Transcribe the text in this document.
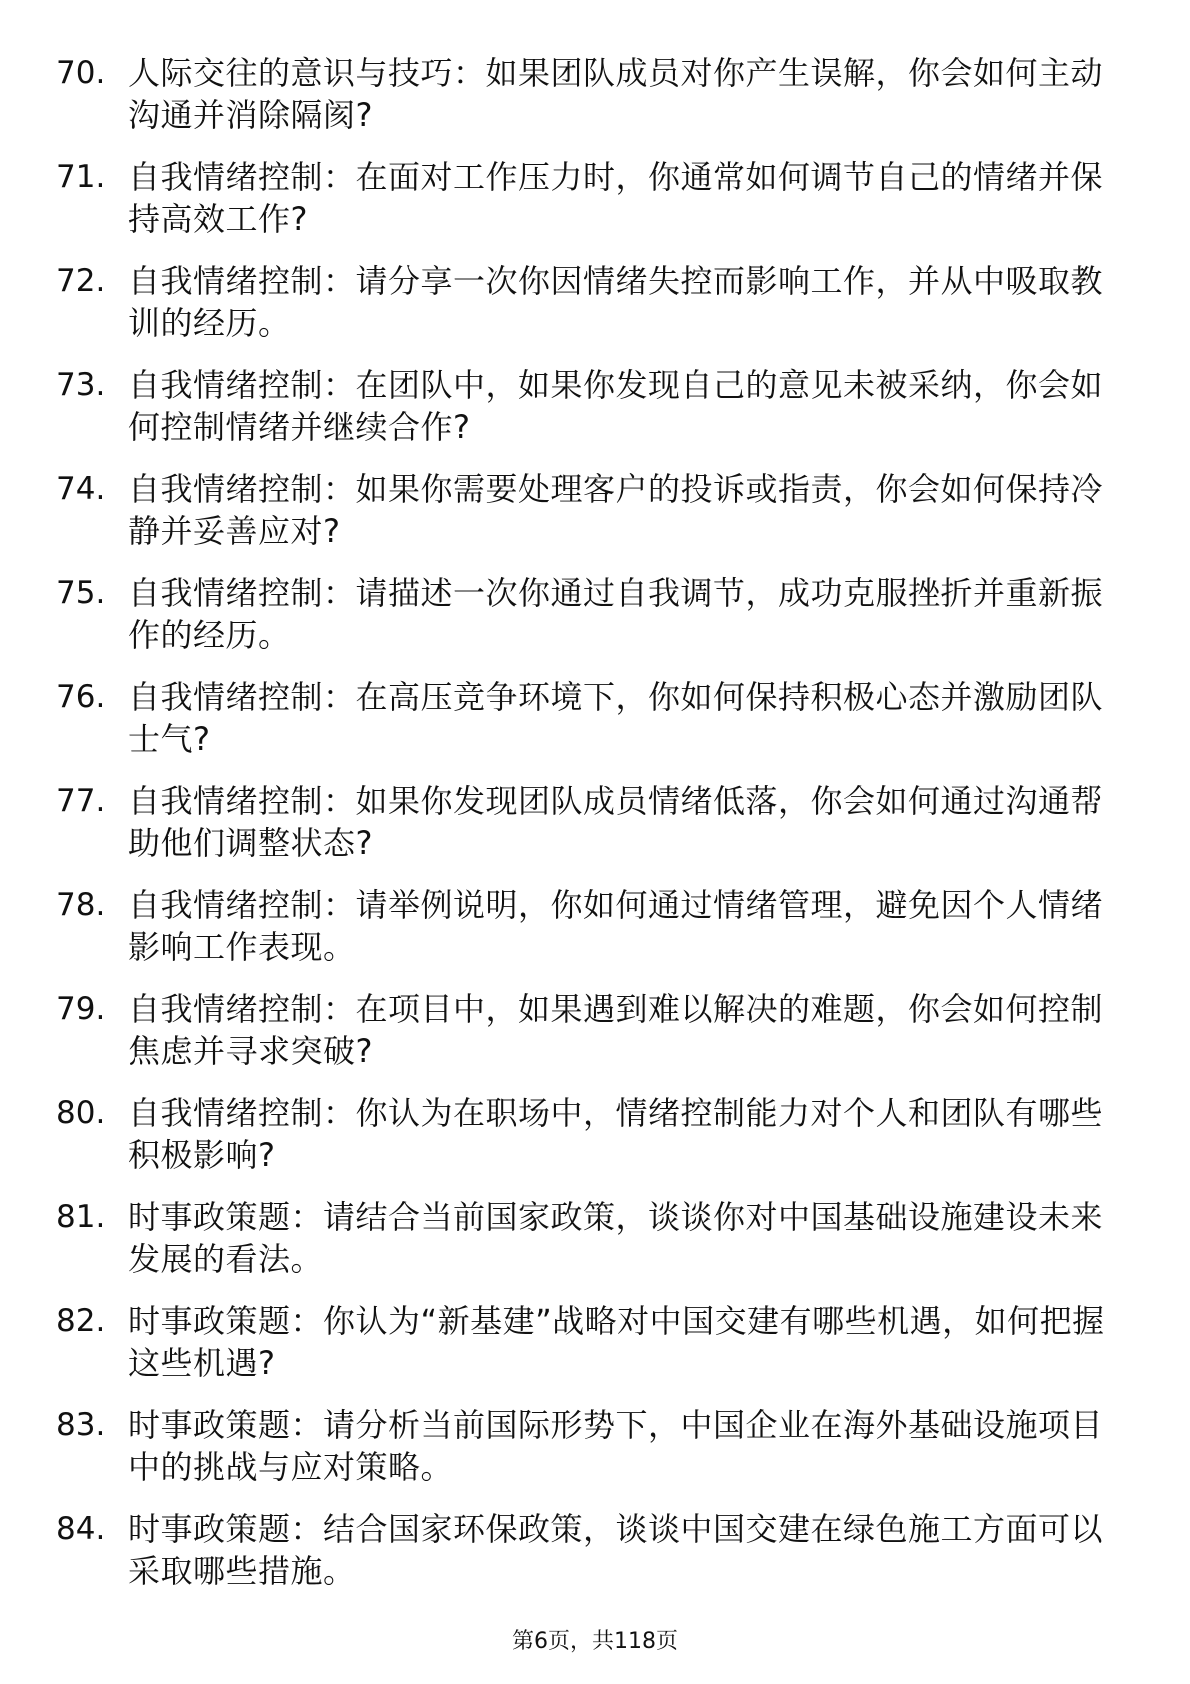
70. 人际交往的意识与技巧：如果团队成员对你产生误解，你会如何主动沟通并消除隔阂?
71. 自我情绪控制：在面对工作压力时，你通常如何调节自己的情绪并保持高效工作?
72. 自我情绪控制：请分享一次你因情绪失控而影响工作，并从中吸取教训的经历。
73. 自我情绪控制：在团队中，如果你发现自己的意见未被采纳，你会如何控制情绪并继续合作?
74. 自我情绪控制：如果你需要处理客户的投诉或指责，你会如何保持冷静并妥善应对?
75. 自我情绪控制：请描述一次你通过自我调节，成功克服挫折并重新振作的经历。
76. 自我情绪控制：在高压竞争环境下，你如何保持积极心态并激励团队士气?
77. 自我情绪控制：如果你发现团队成员情绪低落，你会如何通过沟通帮助他们调整状态?
78. 自我情绪控制：请举例说明，你如何通过情绪管理，避免因个人情绪影响工作表现。
79. 自我情绪控制：在项目中，如果遇到难以解决的难题，你会如何控制焦虑并寻求突破?
80. 自我情绪控制：你认为在职场中，情绪控制能力对个人和团队有哪些积极影响?
81. 时事政策题：请结合当前国家政策，谈谈你对中国基础设施建设未来发展的看法。
82. 时事政策题：你认为“新基建”战略对中国交建有哪些机遇，如何把握这些机遇?
83. 时事政策题：请分析当前国际形势下，中国企业在海外基础设施项目中的挑战与应对策略。
84. 时事政策题：结合国家环保政策，谈谈中国交建在绿色施工方面可以采取哪些措施。
第6页，共118页
